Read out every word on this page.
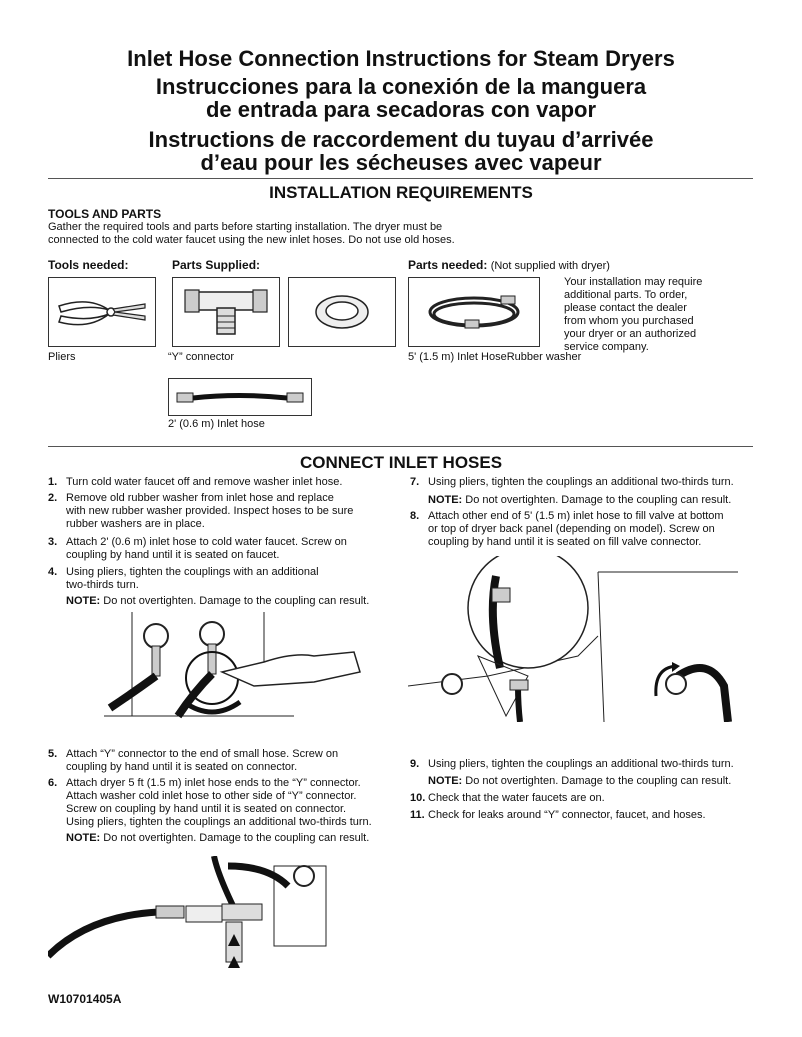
Inlet Hose Connection Instructions for Steam Dryers
Instrucciones para la conexión de la manguera
de entrada para secadoras con vapor
Instructions de raccordement du tuyau d’arrivée
d’eau pour les sécheuses avec vapeur
INSTALLATION REQUIREMENTS
TOOLS AND PARTS
Gather the required tools and parts before starting installation. The dryer must be
connected to the cold water faucet using the new inlet hoses. Do not use old hoses.
Tools needed:	Parts Supplied:	Parts needed: (Not supplied with dryer)
Your installation may require
additional parts. To order,
please contact the dealer
from whom you purchased
your dryer or an authorized
service company.
Pliers	“Y” connector	5' (1.5 m) Inlet HoseRubber washer
2' (0.6 m) Inlet hose
CONNECT INLET HOSES
1. Turn cold water faucet off and remove washer inlet hose.
2. Remove old rubber washer from inlet hose and replace
with new rubber washer provided. Inspect hoses to be sure
rubber washers are in place.
3. Attach 2' (0.6 m) inlet hose to cold water faucet. Screw on
coupling by hand until it is seated on faucet.
4. Using pliers, tighten the couplings with an additional
two-thirds turn.
NOTE: Do not overtighten. Damage to the coupling can result.
5. Attach “Y” connector to the end of small hose. Screw on
coupling by hand until it is seated on connector.
6. Attach dryer 5 ft (1.5 m) inlet hose ends to the “Y” connector.
Attach washer cold inlet hose to other side of “Y” connector.
Screw on coupling by hand until it is seated on connector.
Using pliers, tighten the couplings an additional two-thirds turn.
NOTE: Do not overtighten. Damage to the coupling can result.
7. Using pliers, tighten the couplings an additional two-thirds turn.
NOTE: Do not overtighten. Damage to the coupling can result.
8. Attach other end of 5' (1.5 m) inlet hose to fill valve at bottom
or top of dryer back panel (depending on model). Screw on
coupling by hand until it is seated on fill valve connector.
9. Using pliers, tighten the couplings an additional two-thirds turn.
NOTE: Do not overtighten. Damage to the coupling can result.
10. Check that the water faucets are on.
11. Check for leaks around “Y” connector, faucet, and hoses.
W10701405A
